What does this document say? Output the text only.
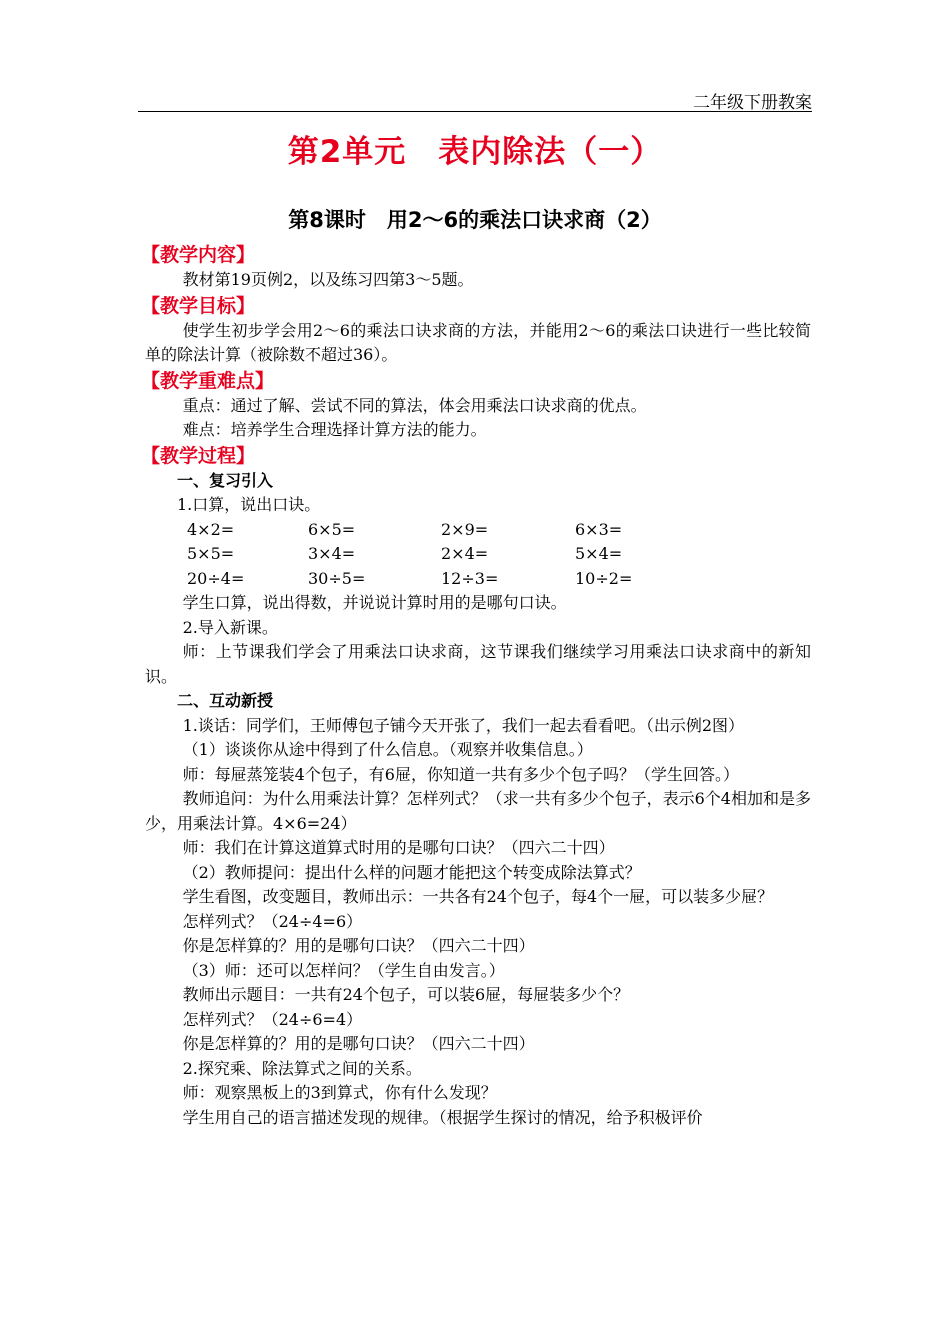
二年级下册教案
第2单元　表内除法（一）
第8课时　用2～6的乘法口诀求商（2）
【教学内容】
教材第19页例2，以及练习四第3～5题。
【教学目标】
使学生初步学会用2～6的乘法口诀求商的方法，并能用2～6的乘法口诀进行一些比较简单的除法计算（被除数不超过36）。
【教学重难点】
重点：通过了解、尝试不同的算法，体会用乘法口诀求商的优点。
难点：培养学生合理选择计算方法的能力。
【教学过程】
一、复习引入
1.口算，说出口诀。
4×2=	6×5=	2×9=	6×3=
5×5=	3×4=	2×4=	5×4=
20÷4=	30÷5=	12÷3=	10÷2=
学生口算，说出得数，并说说计算时用的是哪句口诀。
2.导入新课。
师：上节课我们学会了用乘法口诀求商，这节课我们继续学习用乘法口诀求商中的新知识。
二、互动新授
1.谈话：同学们，王师傅包子铺今天开张了，我们一起去看看吧。（出示例2图）
（1）谈谈你从途中得到了什么信息。（观察并收集信息。）
师：每屉蒸笼装4个包子，有6屉，你知道一共有多少个包子吗？（学生回答。）
教师追问：为什么用乘法计算？怎样列式？（求一共有多少个包子，表示6个4相加和是多少，用乘法计算。4×6=24）
师：我们在计算这道算式时用的是哪句口诀？（四六二十四）
（2）教师提问：提出什么样的问题才能把这个转变成除法算式？
学生看图，改变题目，教师出示：一共各有24个包子，每4个一屉，可以装多少屉？
怎样列式？（24÷4=6）
你是怎样算的？用的是哪句口诀？（四六二十四）
（3）师：还可以怎样问？（学生自由发言。）
教师出示题目：一共有24个包子，可以装6屉，每屉装多少个？
怎样列式？（24÷6=4）
你是怎样算的？用的是哪句口诀？（四六二十四）
2.探究乘、除法算式之间的关系。
师：观察黑板上的3到算式，你有什么发现？
学生用自己的语言描述发现的规律。（根据学生探讨的情况，给予积极评价
